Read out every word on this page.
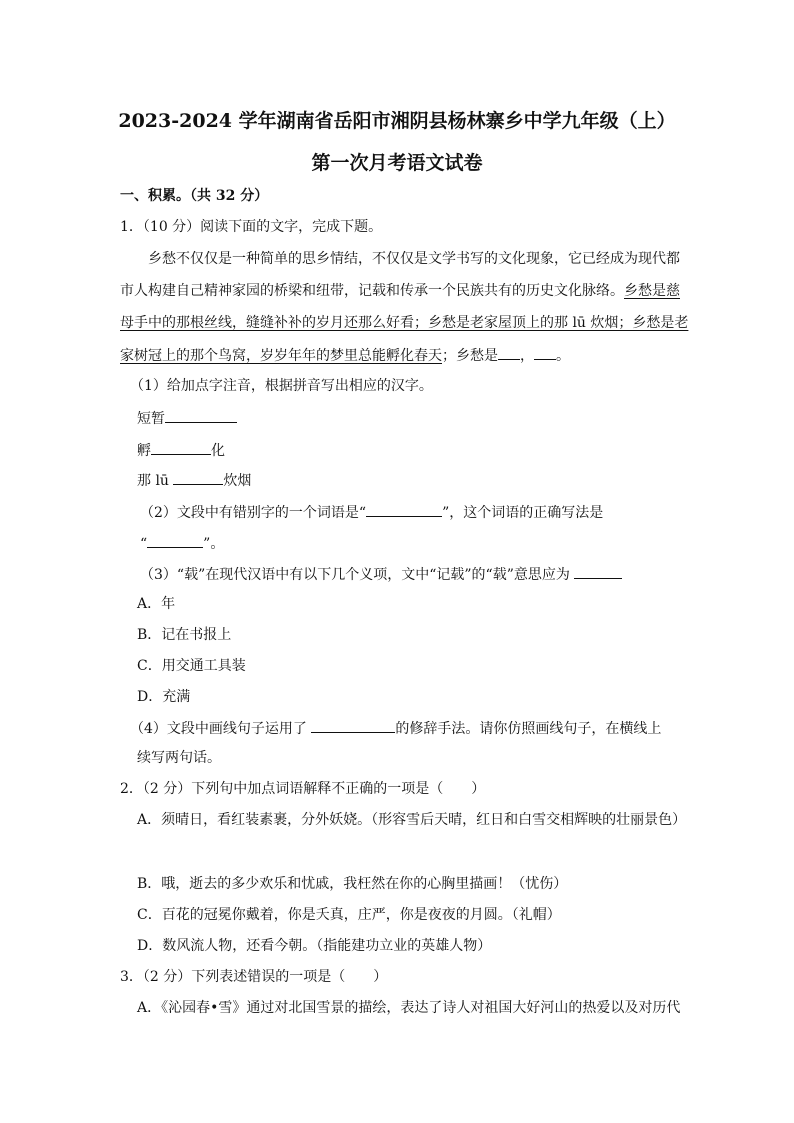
2023-2024 学年湖南省岳阳市湘阴县杨林寨乡中学九年级（上）
第一次月考语文试卷
一、积累。（共 32 分）
1．（10 分）阅读下面的文字，完成下题。
乡愁不仅仅是一种简单的思乡情结，不仅仅是文学书写的文化现象，它已经成为现代都
市人构建自己精神家园的桥梁和纽带，记载和传承一个民族共有的历史文化脉络。乡愁是慈
母手中的那根丝线，缝缝补补的岁月还那么好看；乡愁是老家屋顶上的那 lū 炊烟；乡愁是老
家树冠上的那个鸟窝，岁岁年年的梦里总能孵化春天；乡愁是 ， 。
（1）给加点字注音，根据拼音写出相应的汉字。
短暂
孵	化
那 lū	炊烟
（2）文段中有错别字的一个词语是“	”，这个词语的正确写法是
“	”。
（3）“载”在现代汉语中有以下几个义项，文中“记载”的“载”意思应为
A．年
B．记在书报上
C．用交通工具装
D．充满
（4）文段中画线句子运用了	的修辞手法。请你仿照画线句子，在横线上
续写两句话。
2．（2 分）下列句中加点词语解释不正确的一项是（　　）
A．须晴日，看红装素裹，分外妖娆。（形容雪后天晴，红日和白雪交相辉映的壮丽景色）
B．哦，逝去的多少欢乐和忧戚，我枉然在你的心胸里描画！（忧伤）
C．百花的冠冕你戴着，你是夭真，庄严，你是夜夜的月圆。（礼帽）
D．数风流人物，还看今朝。（指能建功立业的英雄人物）
3．（2 分）下列表述错误的一项是（　　）
A．《沁园春•雪》通过对北国雪景的描绘，表达了诗人对祖国大好河山的热爱以及对历代
